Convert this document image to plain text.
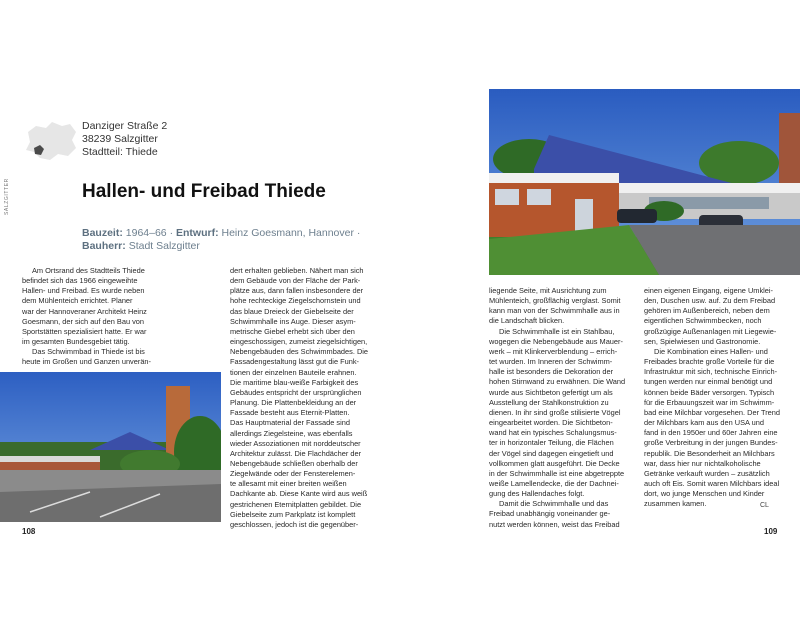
Danziger Straße 2
38239 Salzgitter
Stadtteil: Thiede
SALZGITTER	Hallen- und Freibad Thiede
Bauzeit: 1964–66 · Entwurf: Heinz Goesmann, Hannover ·
Bauherr: Stadt Salzgitter

Am Ortsrand des Stadtteils Thiede

befindet sich das 1966 eingeweihte

Hallen- und Freibad. Es wurde neben

dem Mühlenteich errichtet. Planer

war der Hannoveraner Architekt Heinz

Goesmann, der sich auf den Bau von

Sportstätten spezialisiert hatte. Er war

im gesamten Bundesgebiet tätig.

Das Schwimmbad in Thiede ist bis

heute im Großen und Ganzen unverän-

dert erhalten geblieben. Nähert man sich

dem Gebäude von der Fläche der Park-

plätze aus, dann fallen insbesondere der

hohe rechteckige Ziegelschornstein und

das blaue Dreieck der Giebelseite der

Schwimmhalle ins Auge. Dieser asym-

metrische Giebel erhebt sich über den

eingeschossigen, zumeist ziegelsichtigen,

Nebengebäuden des Schwimmbades. Die

Fassadengestaltung lässt gut die Funk-

tionen der einzelnen Bauteile erahnen.

Die maritime blau-weiße Farbigkeit des

Gebäudes entspricht der ursprünglichen

Planung. Die Plattenbekleidung an der

Fassade besteht aus Eternit-Platten.

Das Hauptmaterial der Fassade sind

allerdings Ziegelsteine, was ebenfalls

wieder Assoziationen mit norddeutscher

Architektur zulässt. Die Flachdächer der

Nebengebäude schließen oberhalb der

Ziegelwände oder der Fensterelemen-

te allesamt mit einer breiten weißen

Dachkante ab. Diese Kante wird aus weiß

gestrichenen Eternitplatten gebildet. Die

Giebelseite zum Parkplatz ist komplett

geschlossen, jedoch ist die gegenüber-

108

liegende Seite, mit Ausrichtung zum

Mühlenteich, großflächig verglast. Somit

kann man von der Schwimmhalle aus in

die Landschaft blicken.

Die Schwimmhalle ist ein Stahlbau,

wogegen die Nebengebäude aus Mauer-

werk – mit Klinkerverblendung – errich-

tet wurden. Im Inneren der Schwimm-

halle ist besonders die Dekoration der

hohen Stirnwand zu erwähnen. Die Wand

wurde aus Sichtbeton gefertigt um als

Ausstellung der Stahlkonstruktion zu

dienen. In ihr sind große stilisierte Vögel

eingearbeitet worden. Die Sichtbeton-

wand hat ein typisches Schalungsmus-

ter in horizontaler Teilung, die Flächen

der Vögel sind dagegen eingetieft und

vollkommen glatt ausgeführt. Die Decke

in der Schwimmhalle ist eine abgetreppte

weiße Lamellendecke, die der Dachnei-

gung des Hallendaches folgt.

Damit die Schwimmhalle und das

Freibad unabhängig voneinander ge-

nutzt werden können, weist das Freibad

einen eigenen Eingang, eigene Umklei-

den, Duschen usw. auf. Zu dem Freibad

gehören im Außenbereich, neben dem

eigentlichen Schwimmbecken, noch

großzügige Außenanlagen mit Liegewie-

sen, Spielwiesen und Gastronomie.

Die Kombination eines Hallen- und

Freibades brachte große Vorteile für die

Infrastruktur mit sich, technische Einrich-

tungen werden nur einmal benötigt und

können beide Bäder versorgen. Typisch

für die Erbauungszeit war im Schwimm-

bad eine Milchbar vorgesehen. Der Trend

der Milchbars kam aus den USA und

fand in den 1950er und 60er Jahren eine

große Verbreitung in der jungen Bundes-

republik. Die Besonderheit an Milchbars

war, dass hier nur nichtalkoholische

Getränke verkauft wurden – zusätzlich

auch oft Eis. Somit waren Milchbars ideal

dort, wo junge Menschen und Kinder

zusammen kamen.	CL
109
